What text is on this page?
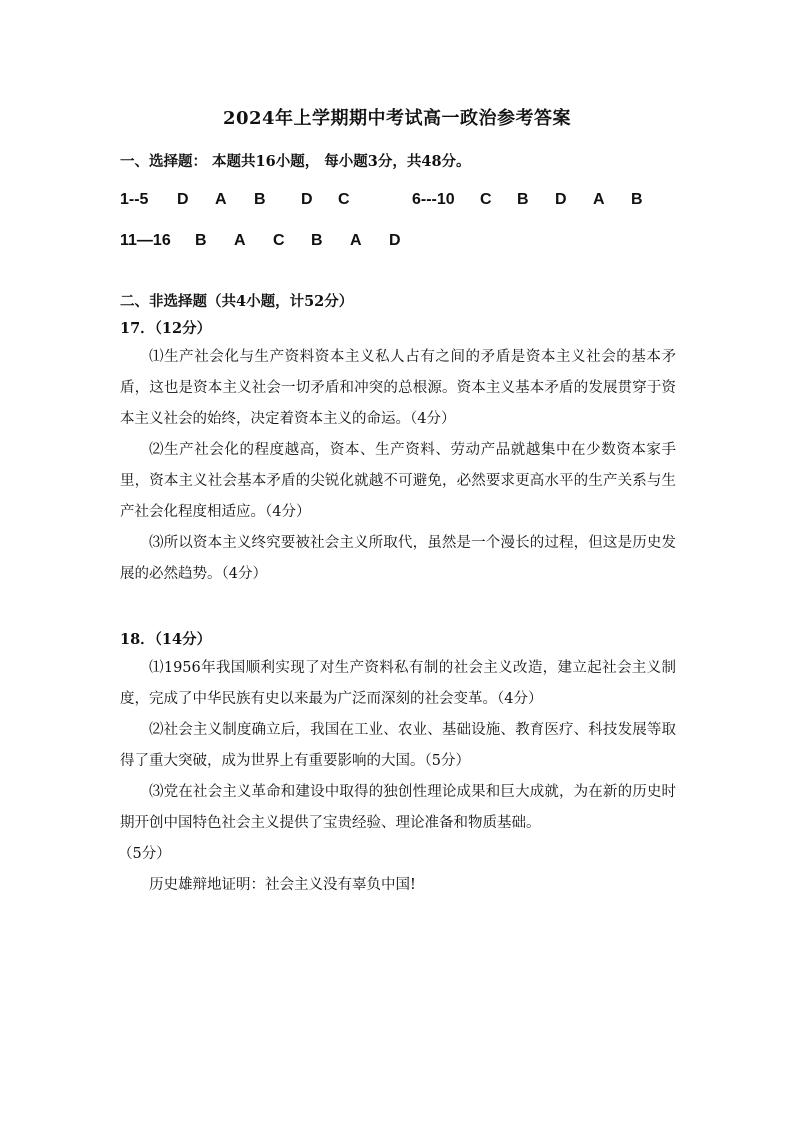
2024年上学期期中考试高一政治参考答案
一、选择题： 本题共16小题， 每小题3分，共48分。
1--5 D A B D C	6---10 C B D A B
11—16 B A C B A D
二、非选择题（共4小题，计52分）
17．（12分）
⑴生产社会化与生产资料资本主义私人占有之间的矛盾是资本主义社会的基本矛盾，这也是资本主义社会一切矛盾和冲突的总根源。资本主义基本矛盾的发展贯穿于资本主义社会的始终，决定着资本主义的命运。（4分）
⑵生产社会化的程度越高，资本、生产资料、劳动产品就越集中在少数资本家手里，资本主义社会基本矛盾的尖锐化就越不可避免，必然要求更高水平的生产关系与生产社会化程度相适应。（4分）
⑶所以资本主义终究要被社会主义所取代，虽然是一个漫长的过程，但这是历史发展的必然趋势。（4分）
18．（14分）
⑴1956年我国顺利实现了对生产资料私有制的社会主义改造，建立起社会主义制度，完成了中华民族有史以来最为广泛而深刻的社会变革。（4分）
⑵社会主义制度确立后，我国在工业、农业、基础设施、教育医疗、科技发展等取得了重大突破，成为世界上有重要影响的大国。（5分）
⑶党在社会主义革命和建设中取得的独创性理论成果和巨大成就，为在新的历史时期开创中国特色社会主义提供了宝贵经验、理论准备和物质基础。
（5分）
历史雄辩地证明：社会主义没有辜负中国!
